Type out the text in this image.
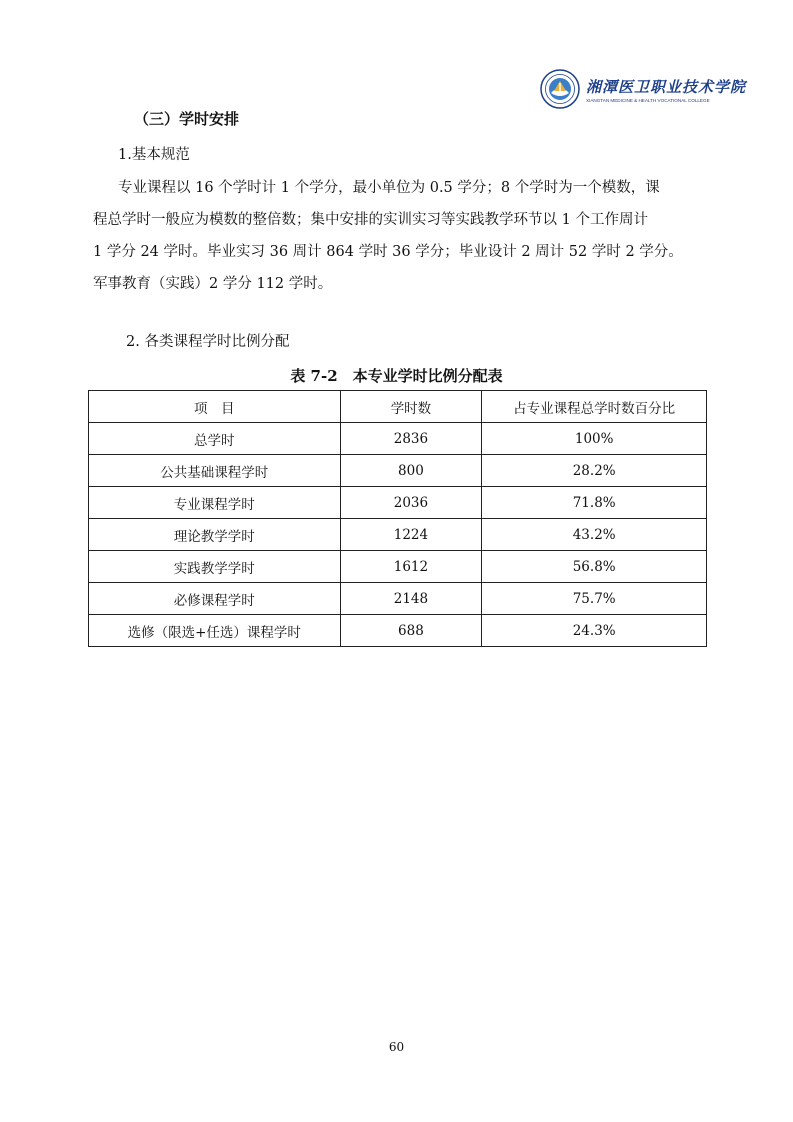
湘潭医卫职业技术学院
XIANGTAN MEDICINE & HEALTH VOCATIONAL COLLEGE
（三）学时安排
1.基本规范
专业课程以 16 个学时计 1 个学分，最小单位为 0.5 学分；8 个学时为一个模数，课
程总学时一般应为模数的整倍数；集中安排的实训实习等实践教学环节以 1 个工作周计
1 学分 24 学时。毕业实习 36 周计 864 学时 36 学分；毕业设计 2 周计 52 学时 2 学分。
军事教育（实践）2 学分 112 学时。
2. 各类课程学时比例分配
表 7-2　本专业学时比例分配表
项　目	学时数	占专业课程总学时数百分比
总学时	2836	100%
公共基础课程学时	800	28.2%
专业课程学时	2036	71.8%
理论教学学时	1224	43.2%
实践教学学时	1612	56.8%
必修课程学时	2148	75.7%
选修（限选+任选）课程学时	688	24.3%
60
